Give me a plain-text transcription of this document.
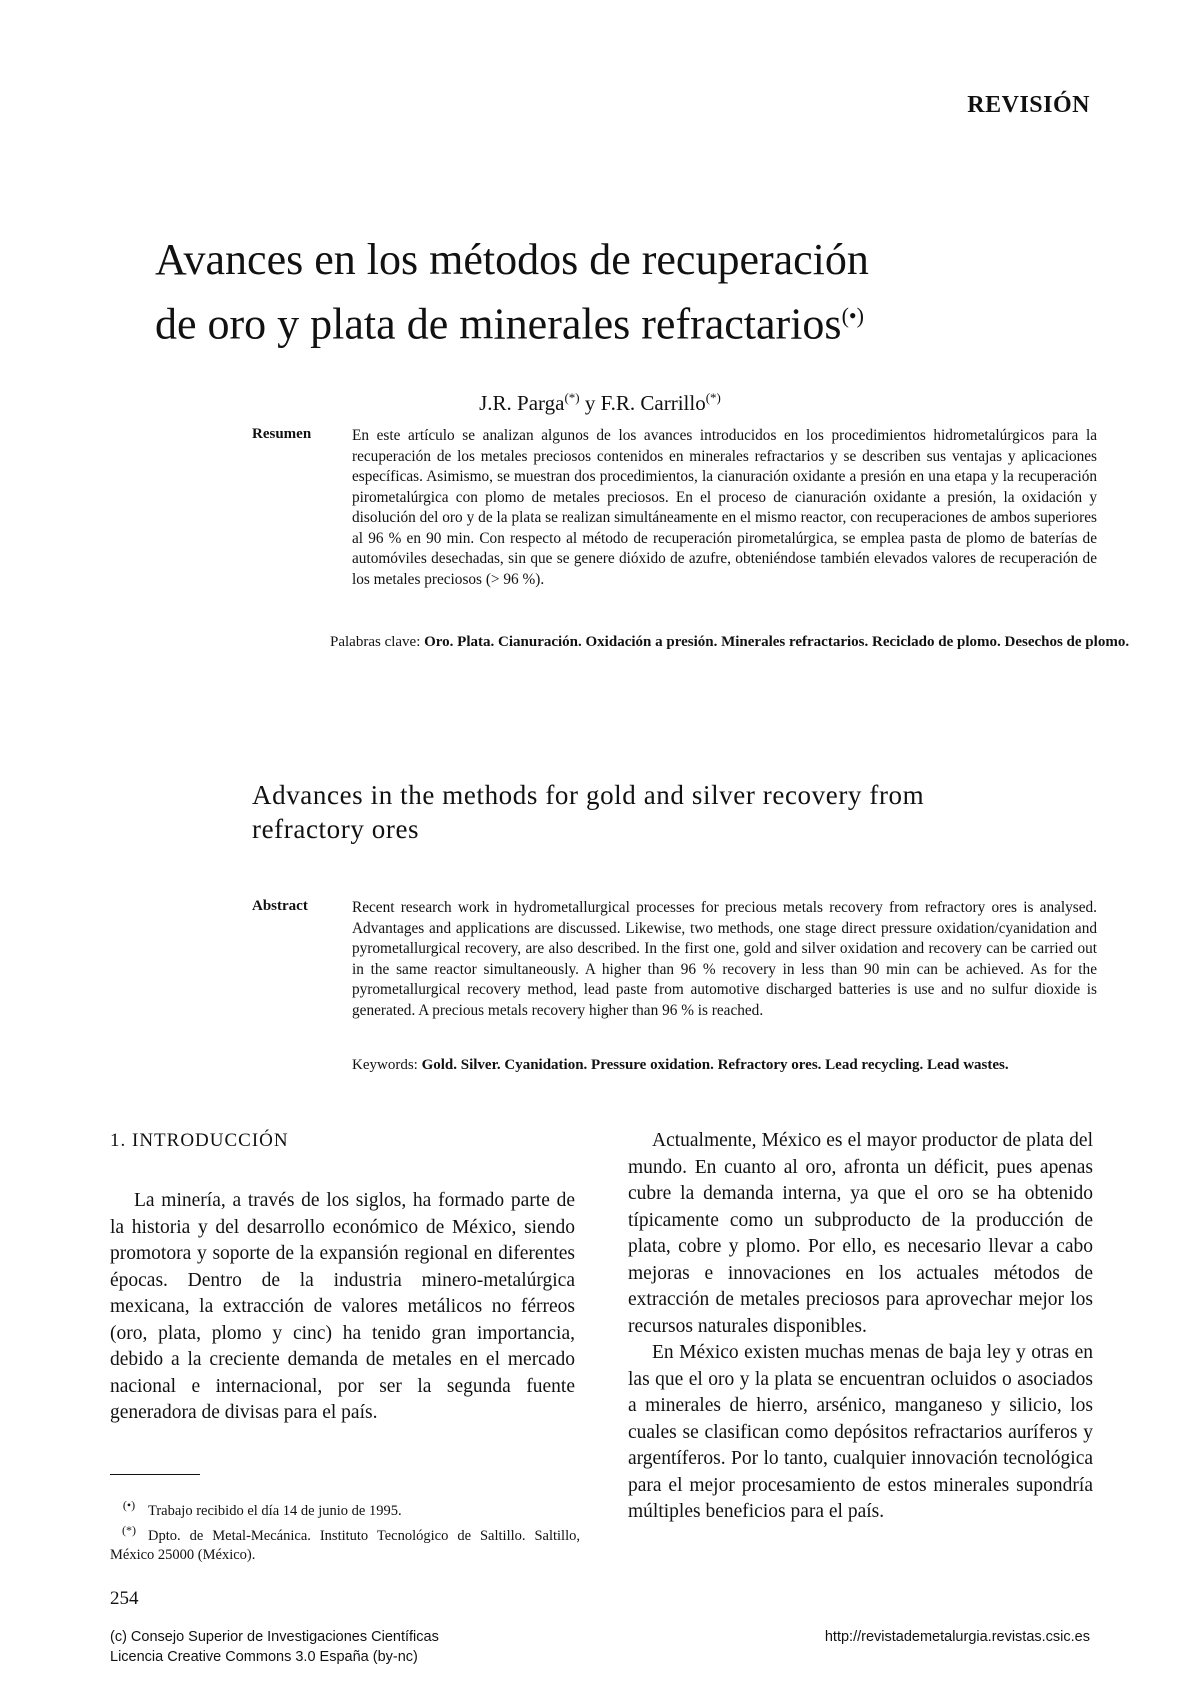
REVISIÓN
Avances en los métodos de recuperación
de oro y plata de minerales refractarios(•)
J.R. Parga(*) y F.R. Carrillo(*)
Resumen	En este artículo se analizan algunos de los avances introducidos en los procedimientos hidrometalúrgicos para la recuperación de los metales preciosos contenidos en minerales refractarios y se describen sus ventajas y aplicaciones específicas. Asimismo, se muestran dos procedimientos, la cianuración oxidante a presión en una etapa y la recuperación pirometalúrgica con plomo de metales preciosos. En el proceso de cianuración oxidante a presión, la oxidación y disolución del oro y de la plata se realizan simultáneamente en el mismo reactor, con recuperaciones de ambos superiores al 96 % en 90 min. Con respecto al método de recuperación pirometalúrgica, se emplea pasta de plomo de baterías de automóviles desechadas, sin que se genere dióxido de azufre, obteniéndose también elevados valores de recuperación de los metales preciosos (> 96 %).
Palabras clave: Oro. Plata. Cianuración. Oxidación a presión. Minerales refractarios. Reciclado de plomo. Desechos de plomo.
Advances in the methods for gold and silver recovery from
refractory ores
Abstract	Recent research work in hydrometallurgical processes for precious metals recovery from refractory ores is analysed. Advantages and applications are discussed. Likewise, two methods, one stage direct pressure oxidation/cyanidation and pyrometallurgical recovery, are also described. In the first one, gold and silver oxidation and recovery can be carried out in the same reactor simultaneously. A higher than 96 % recovery in less than 90 min can be achieved. As for the pyrometallurgical recovery method, lead paste from automotive discharged batteries is use and no sulfur dioxide is generated. A precious metals recovery higher than 96 % is reached.
Keywords: Gold. Silver. Cyanidation. Pressure oxidation. Refractory ores. Lead recycling. Lead wastes.
1. INTRODUCCIÓN

La minería, a través de los siglos, ha formado parte de la historia y del desarrollo económico de México, siendo promotora y soporte de la expansión regional en diferentes épocas. Dentro de la industria minero-metalúrgica mexicana, la extracción de valores metálicos no férreos (oro, plata, plomo y cinc) ha tenido gran importancia, debido a la creciente demanda de metales en el mercado nacional e internacional, por ser la segunda fuente generadora de divisas para el país.

Actualmente, México es el mayor productor de plata del mundo. En cuanto al oro, afronta un déficit, pues apenas cubre la demanda interna, ya que el oro se ha obtenido típicamente como un subproducto de la producción de plata, cobre y plomo. Por ello, es necesario llevar a cabo mejoras e innovaciones en los actuales métodos de extracción de metales preciosos para aprovechar mejor los recursos naturales disponibles.

En México existen muchas menas de baja ley y otras en las que el oro y la plata se encuentran ocluidos o asociados a minerales de hierro, arsénico, manganeso y silicio, los cuales se clasifican como depósitos refractarios auríferos y argentíferos. Por lo tanto, cualquier innovación tecnológica para el mejor procesamiento de estos minerales supondría múltiples beneficios para el país.

(•) Trabajo recibido el día 14 de junio de 1995.
(*) Dpto. de Metal-Mecánica. Instituto Tecnológico de Saltillo. Saltillo, México 25000 (México).
254
(c) Consejo Superior de Investigaciones Científicas
Licencia Creative Commons 3.0 España (by-nc)
http://revistademetalurgia.revistas.csic.es
